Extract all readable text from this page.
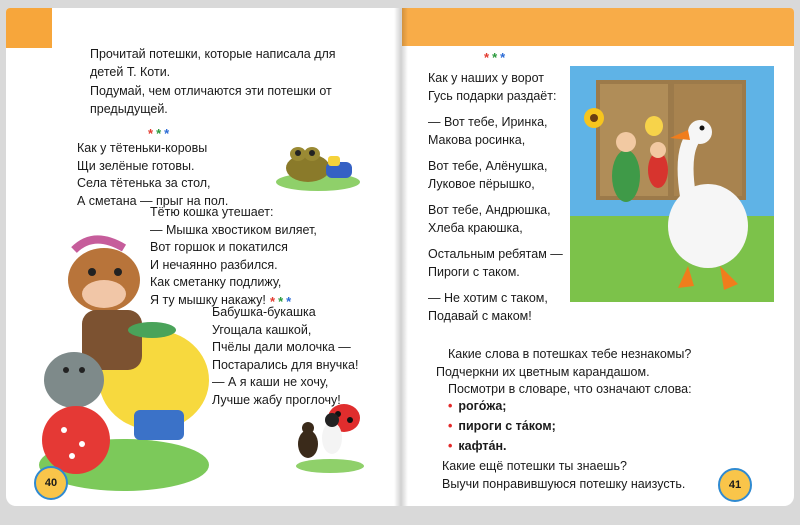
Прочитай потешки, которые написала для
детей Т. Коти.
Подумай, чем отличаются эти потешки от
предыдущей.
***
Как у тётеньки-коровы
Щи зелёные готовы.
Села тётенька за стол,
А сметана — прыг на пол.
Тётю кошка утешает:
— Мышка хвостиком виляет,
Вот горшок и покатился
И нечаянно разбился.
Как сметанку подлижу,
Я ту мышку накажу! ***
Бабушка-букашка
Угощала кашкой,
Пчёлы дали молочка —
Постарались для внучка!
— А я каши не хочу,
Лучше жабу проглочу!
40
***
Как у наших у ворот
Гусь подарки раздаёт:
— Вот тебе, Иринка,
Макова росинка,
Вот тебе, Алёнушка,
Луковое пёрышко,
Вот тебе, Андрюшка,
Хлеба краюшка,
Остальным ребятам —
Пироги с таком.
— Не хотим с таком,
Подавай с маком!
Какие слова в потешках тебе незнакомы?
Подчеркни их цветным карандашом.
Посмотри в словаре, что означают слова:
• рого́жа;
• пироги с та́ком;
• кафта́н.
Какие ещё потешки ты знаешь?
Выучи понравившуюся потешку наизусть.	41
